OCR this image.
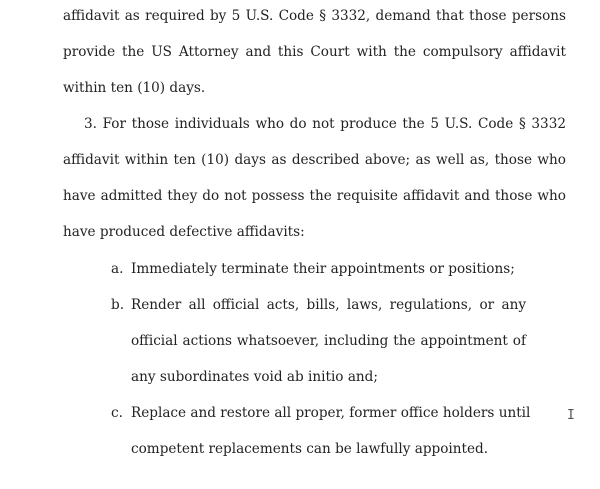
affidavit as required by 5 U.S. Code § 3332, demand that those persons
provide the US Attorney and this Court with the compulsory affidavit
within ten (10) days.
3. For those individuals who do not produce the 5 U.S. Code § 3332
affidavit within ten (10) days as described above; as well as, those who
have admitted they do not possess the requisite affidavit and those who
have produced defective affidavits:
a. Immediately terminate their appointments or positions;
b. Render all official acts, bills, laws, regulations, or any
official actions whatsoever, including the appointment of
any subordinates void ab initio and;
c. Replace and restore all proper, former office holders until
competent replacements can be lawfully appointed.
I
